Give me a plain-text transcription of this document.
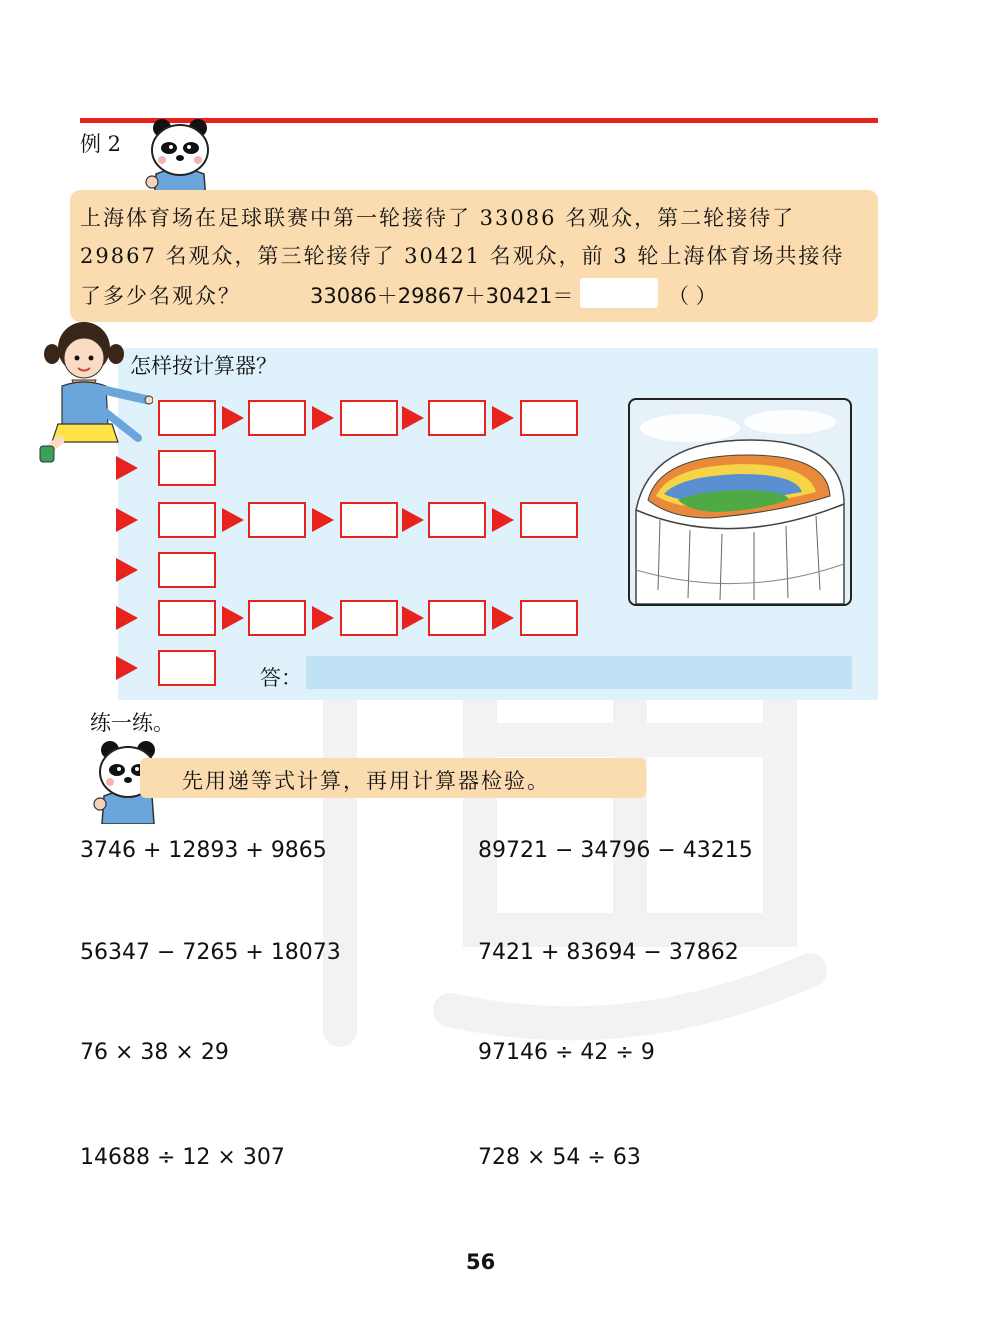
例 2
上海体育场在足球联赛中第一轮接待了 33086 名观众，第二轮接待了
29867 名观众，第三轮接待了 30421 名观众，前 3 轮上海体育场共接待
了多少名观众？	33086＋29867＋30421＝	（ ）
怎样按计算器？
答：
练一练。
先用递等式计算，再用计算器检验。
3746 + 12893 + 9865
56347 − 7265 + 18073
76 × 38 × 29
14688 ÷ 12 × 307
89721 − 34796 − 43215
7421 + 83694 − 37862
97146 ÷ 42 ÷ 9
728 × 54 ÷ 63
56
